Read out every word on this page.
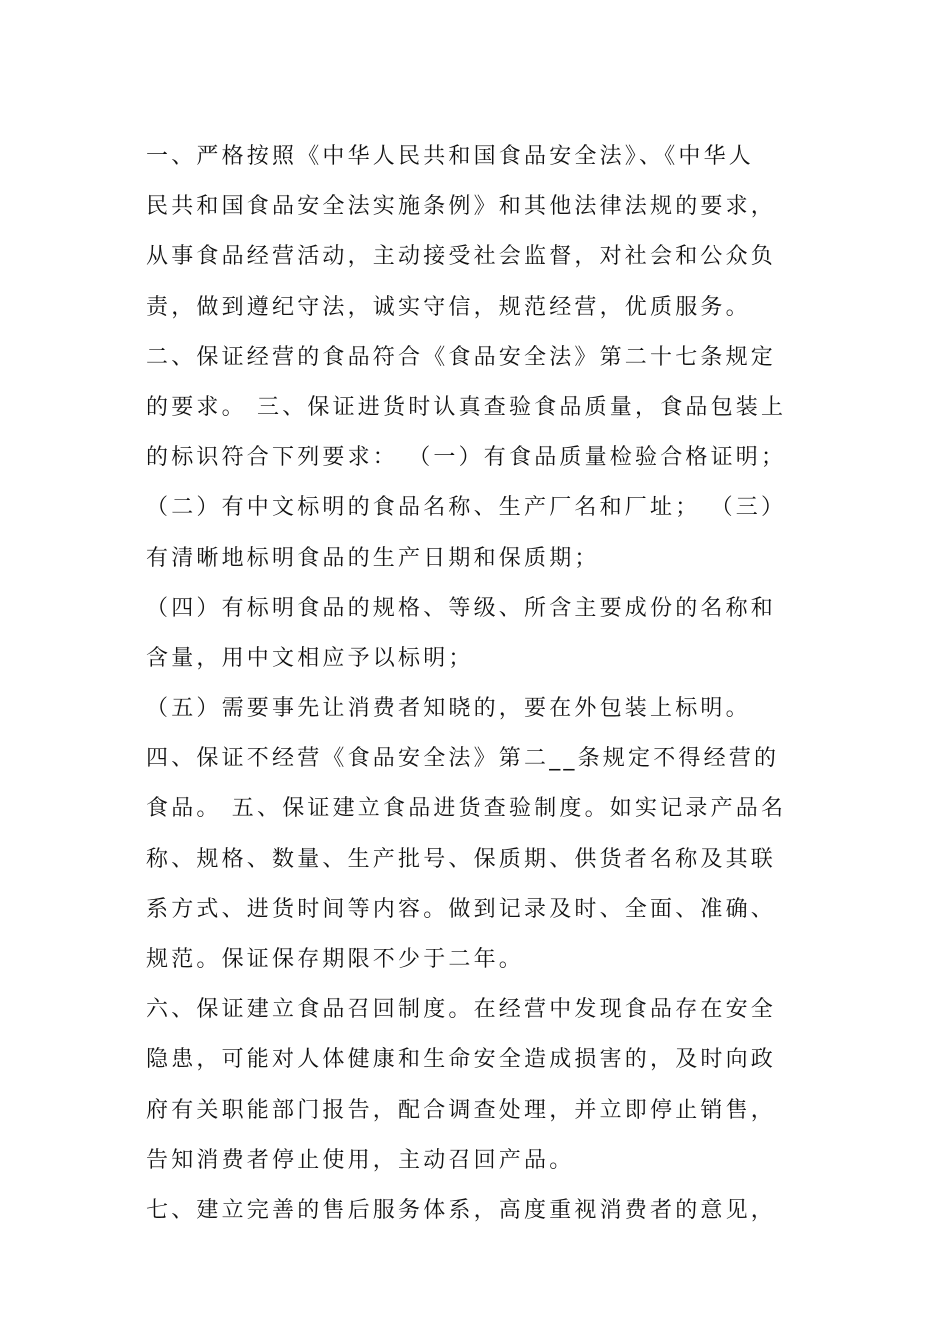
一、严格按照《中华人民共和国食品安全法》、《中华人
民共和国食品安全法实施条例》和其他法律法规的要求，
从事食品经营活动，主动接受社会监督，对社会和公众负
责，做到遵纪守法，诚实守信，规范经营，优质服务。
二、保证经营的食品符合《食品安全法》第二十七条规定
的要求。 三、保证进货时认真查验食品质量，食品包装上
的标识符合下列要求： （一）有食品质量检验合格证明；
（二）有中文标明的食品名称、生产厂名和厂址； （三）
有清晰地标明食品的生产日期和保质期；
（四）有标明食品的规格、等级、所含主要成份的名称和
含量，用中文相应予以标明；
（五）需要事先让消费者知晓的，要在外包装上标明。
四、保证不经营《食品安全法》第二__条规定不得经营的
食品。 五、保证建立食品进货查验制度。如实记录产品名
称、规格、数量、生产批号、保质期、供货者名称及其联
系方式、进货时间等内容。做到记录及时、全面、准确、
规范。保证保存期限不少于二年。
六、保证建立食品召回制度。在经营中发现食品存在安全
隐患，可能对人体健康和生命安全造成损害的，及时向政
府有关职能部门报告，配合调查处理，并立即停止销售，
告知消费者停止使用，主动召回产品。
七、建立完善的售后服务体系，高度重视消费者的意见，
